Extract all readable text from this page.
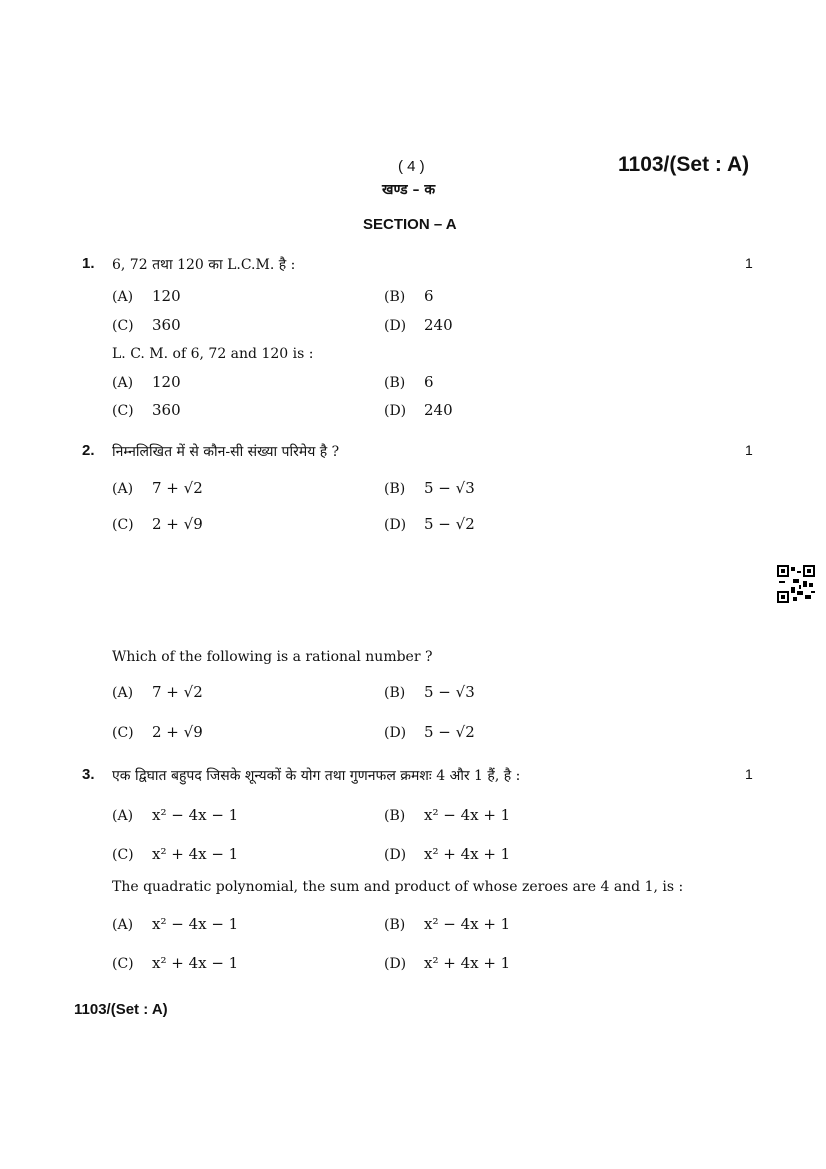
( 4 )	1103/(Set : A)
खण्ड – क
SECTION – A
1. 6, 72 तथा 120 का L.C.M. है :	1
L. C. M. of 6, 72 and 120 is :
(A) 120	(B) 6
(C) 360	(D) 240
(A) 120	(B) 6
(C) 360	(D) 240
2. निम्नलिखित में से कौन-सी संख्या परिमेय है ?	1
Which of the following is a rational number ?
(A) 7 + √2	(B) 5 − √3
(C) 2 + √9	(D) 5 − √2
(A) 7 + √2	(B) 5 − √3
(C) 2 + √9	(D) 5 − √2
3. एक द्विघात बहुपद जिसके शून्यकों के योग तथा गुणनफल क्रमशः 4 और 1 हैं, है :	1
The quadratic polynomial, the sum and product of whose zeroes are 4 and 1, is :
(A) x² − 4x − 1	(B) x² − 4x + 1
(C) x² + 4x − 1	(D) x² + 4x + 1
(A) x² − 4x − 1	(B) x² − 4x + 1
(C) x² + 4x − 1	(D) x² + 4x + 1
1103/(Set : A)
